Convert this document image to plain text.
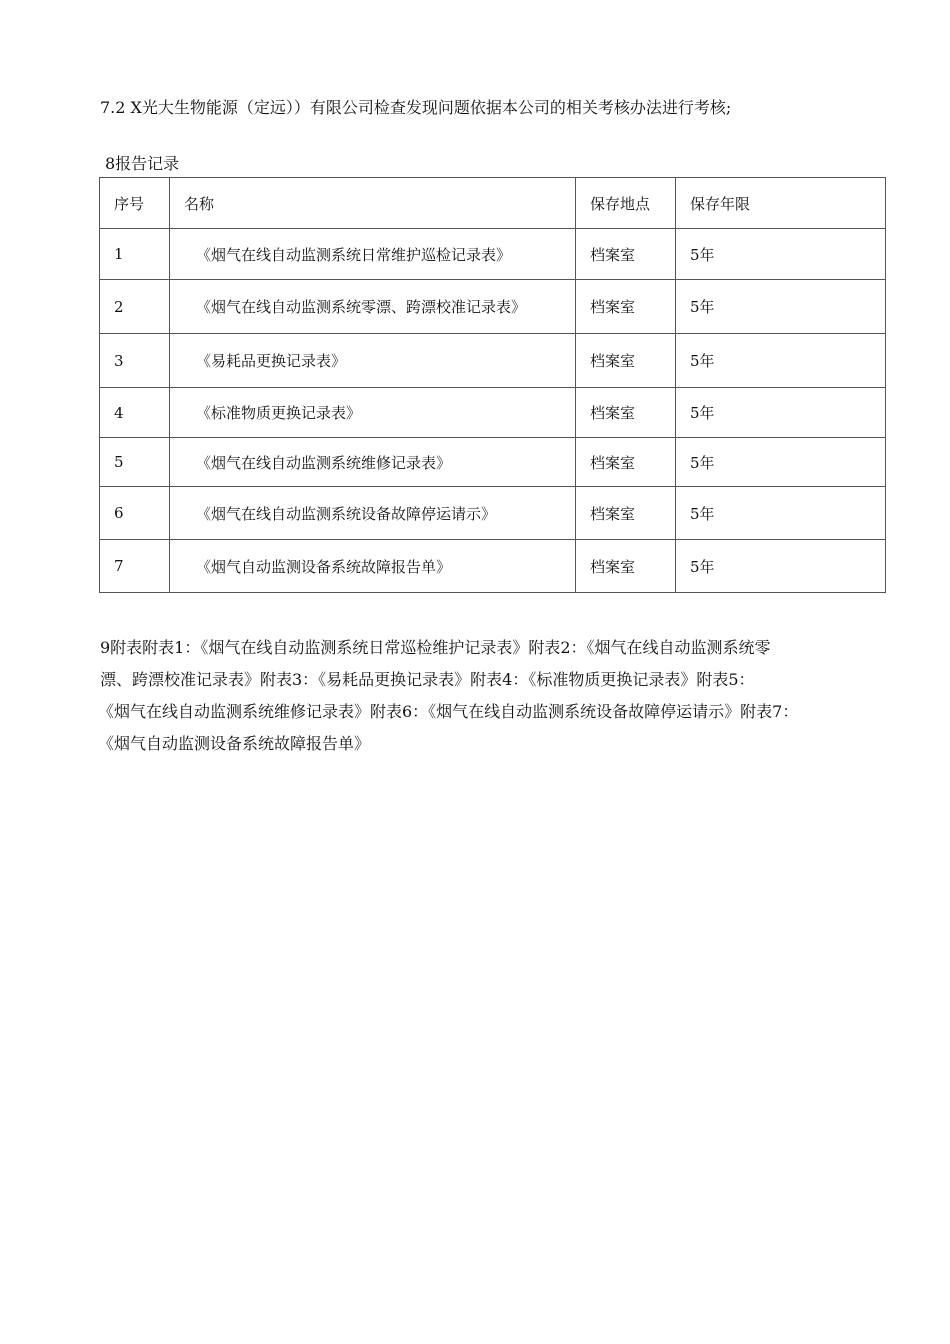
7.2 X光大生物能源（定远））有限公司检查发现问题依据本公司的相关考核办法进行考核;
8报告记录
序号	名称	保存地点	保存年限
1	《烟气在线自动监测系统日常维护巡检记录表》	档案室	5年
2	《烟气在线自动监测系统零漂、跨漂校准记录表》	档案室	5年
3	《易耗品更换记录表》	档案室	5年
4	《标准物质更换记录表》	档案室	5年
5	《烟气在线自动监测系统维修记录表》	档案室	5年
6	《烟气在线自动监测系统设备故障停运请示》	档案室	5年
7	《烟气自动监测设备系统故障报告单》	档案室	5年
9附表附表1：《烟气在线自动监测系统日常巡检维护记录表》附表2：《烟气在线自动监测系统零
漂、跨漂校准记录表》附表3：《易耗品更换记录表》附表4：《标准物质更换记录表》附表5：
《烟气在线自动监测系统维修记录表》附表6：《烟气在线自动监测系统设备故障停运请示》附表7：
《烟气自动监测设备系统故障报告单》
